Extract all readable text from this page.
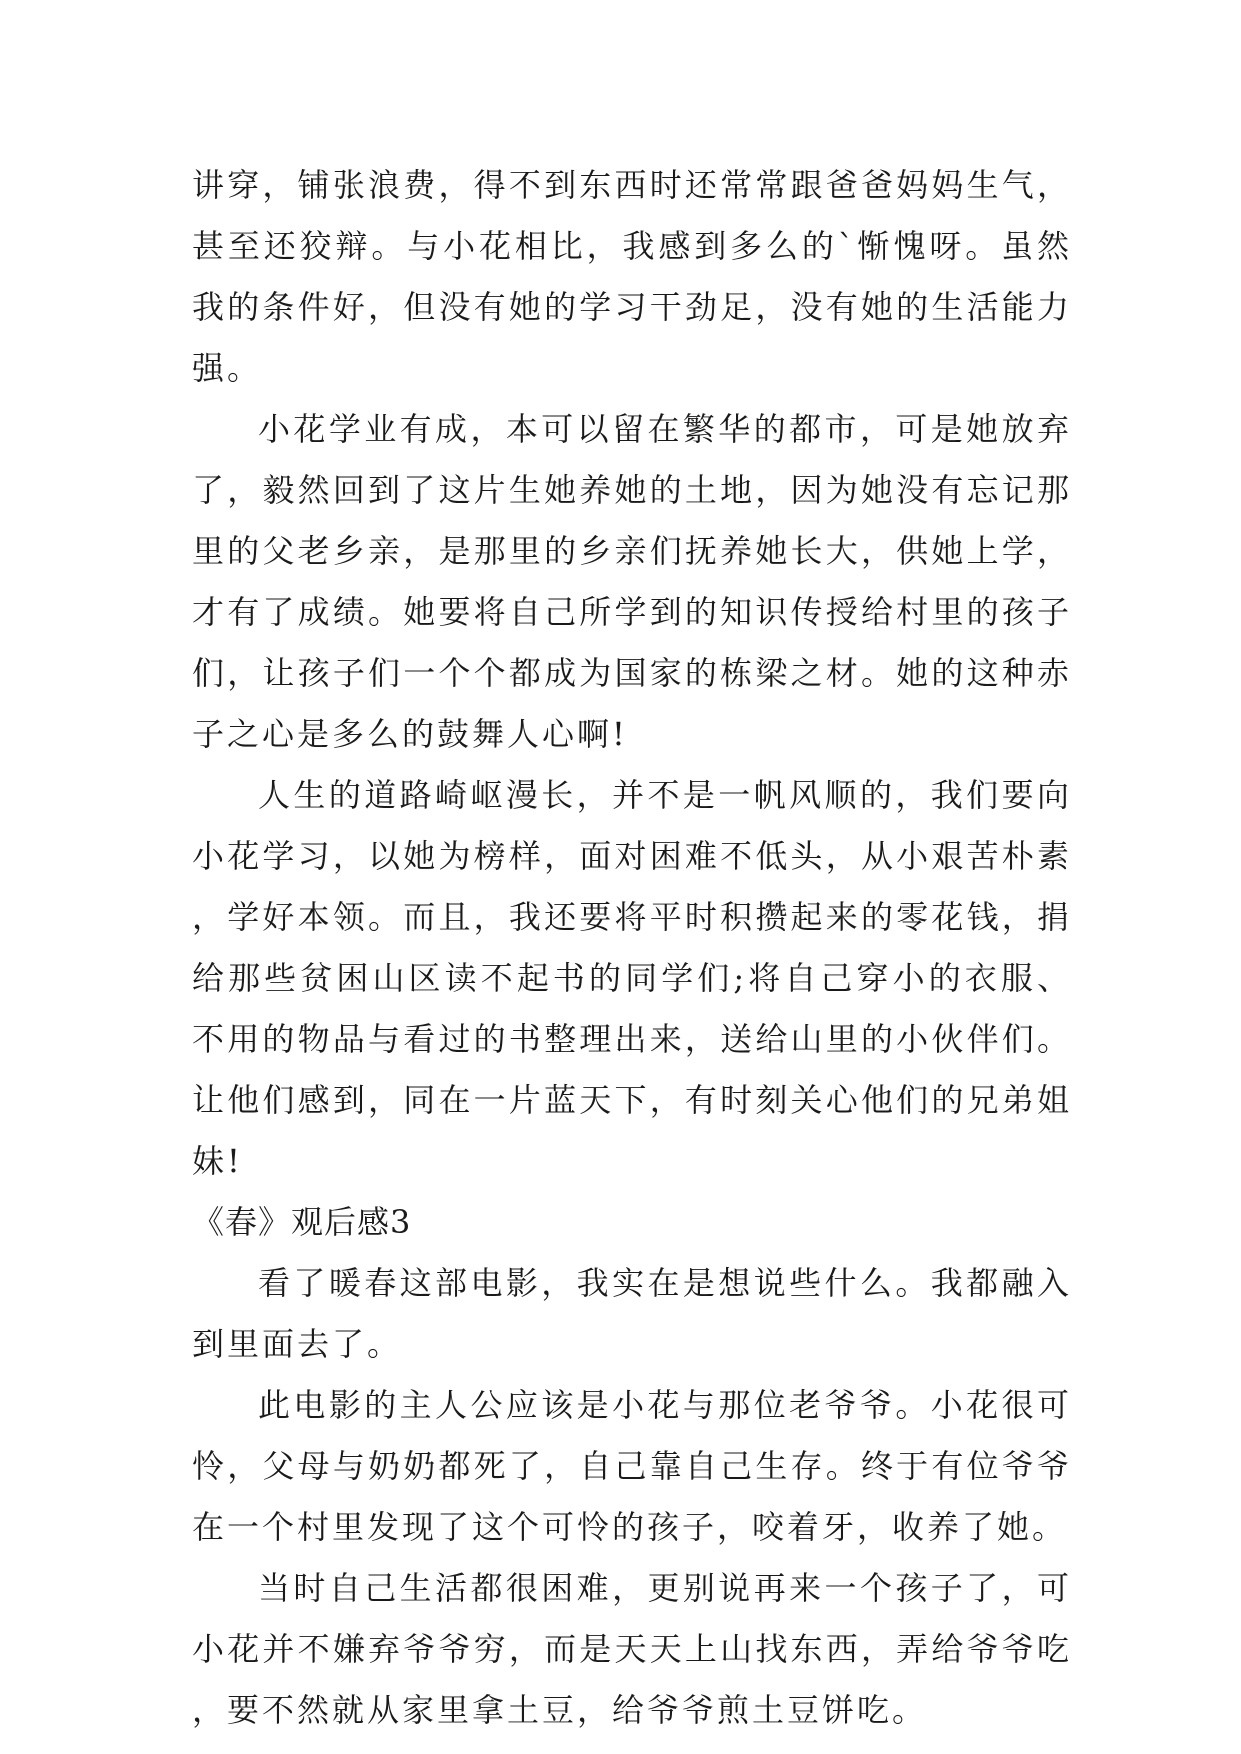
讲穿，铺张浪费，得不到东西时还常常跟爸爸妈妈生气，甚至还狡辩。与小花相比，我感到多么的`惭愧呀。虽然我的条件好，但没有她的学习干劲足，没有她的生活能力强。

小花学业有成，本可以留在繁华的都市，可是她放弃了，毅然回到了这片生她养她的土地，因为她没有忘记那里的父老乡亲，是那里的乡亲们抚养她长大，供她上学，才有了成绩。她要将自己所学到的知识传授给村里的孩子们，让孩子们一个个都成为国家的栋梁之材。她的这种赤子之心是多么的鼓舞人心啊!

人生的道路崎岖漫长，并不是一帆风顺的，我们要向小花学习，以她为榜样，面对困难不低头，从小艰苦朴素，学好本领。而且，我还要将平时积攒起来的零花钱，捐给那些贫困山区读不起书的同学们;将自己穿小的衣服、不用的物品与看过的书整理出来，送给山里的小伙伴们。让他们感到，同在一片蓝天下，有时刻关心他们的兄弟姐妹!

《春》观后感3

看了暖春这部电影，我实在是想说些什么。我都融入到里面去了。

此电影的主人公应该是小花与那位老爷爷。小花很可怜，父母与奶奶都死了，自己靠自己生存。终于有位爷爷在一个村里发现了这个可怜的孩子，咬着牙，收养了她。

当时自己生活都很困难，更别说再来一个孩子了，可小花并不嫌弃爷爷穷，而是天天上山找东西，弄给爷爷吃，要不然就从家里拿土豆，给爷爷煎土豆饼吃。
